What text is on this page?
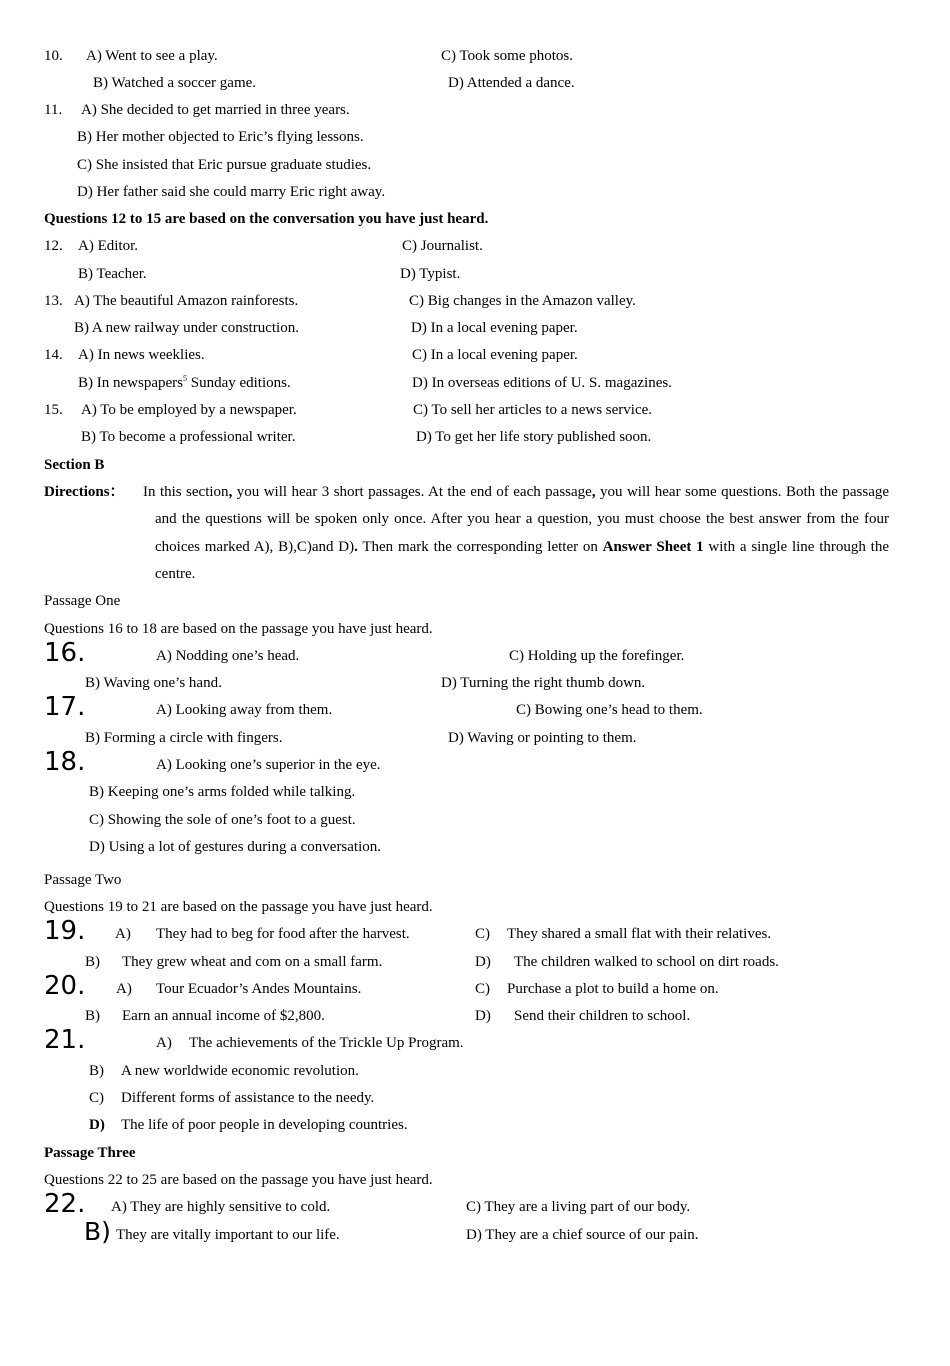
10. A) Went to see a play.	C) Took some photos.
B) Watched a soccer game.	D) Attended a dance.
11. A) She decided to get married in three years.
B) Her mother objected to Eric’s flying lessons.
C) She insisted that Eric pursue graduate studies.
D) Her father said she could marry Eric right away.
Questions 12 to 15 are based on the conversation you have just heard.
12. A) Editor.	C) Journalist.
B) Teacher.	D) Typist.
13. A) The beautiful Amazon rainforests.	C) Big changes in the Amazon valley.
B) A new railway under construction.	D) In a local evening paper.
14. A) In news weeklies.	C) In a local evening paper.
B) In newspapers$^5$ Sunday editions.	D) In overseas editions of U. S. magazines.
15. A) To be employed by a newspaper.	C) To sell her articles to a news service.
B) To become a professional writer.	D) To get her life story published soon.
Section B
Directions： In this section, you will hear 3 short passages. At the end of each passage, you will hear some questions. Both the passage and the questions will be spoken only once. After you hear a question, you must choose the best answer from the four choices marked A), B),C)and D). Then mark the corresponding letter on Answer Sheet 1 with a single line through the centre.
Passage One
Questions 16 to 18 are based on the passage you have just heard.
16.	A) Nodding one’s head.	C) Holding up the forefinger.
B) Waving one’s hand.	D) Turning the right thumb down.
17.	A) Looking away from them.	C) Bowing one’s head to them.
B) Forming a circle with fingers.	D) Waving or pointing to them.
18.	A) Looking one’s superior in the eye.
B) Keeping one’s arms folded while talking.
C) Showing the sole of one’s foot to a guest.
D) Using a lot of gestures during a conversation.
Passage Two
Questions 19 to 21 are based on the passage you have just heard.
19. A) They had to beg for food after the harvest.	C) They shared a small flat with their relatives.
B) They grew wheat and com on a small farm.	D) The children walked to school on dirt roads.
20. A) Tour Ecuador’s Andes Mountains.	C) Purchase a plot to build a home on.
B) Earn an annual income of $2,800.	D) Send their children to school.
21.	A) The achievements of the Trickle Up Program.
B) A new worldwide economic revolution.
C) Different forms of assistance to the needy.
D) The life of poor people in developing countries.
Passage Three
Questions 22 to 25 are based on the passage you have just heard.
22. A) They are highly sensitive to cold.	C) They are a living part of our body.
B) They are vitally important to our life.	D) They are a chief source of our pain.
